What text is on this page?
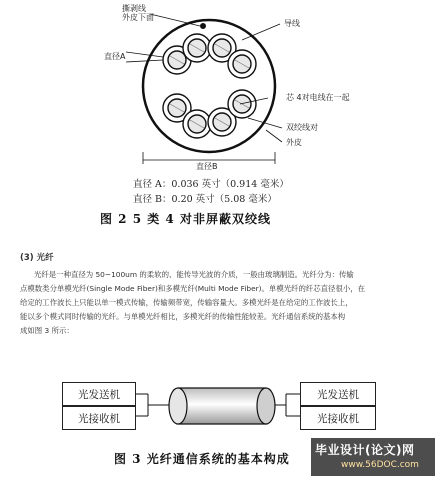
撕剥线
外皮下面
直径A
导线
芯 4对电线在一起
双绞线对
外皮
直径B
直径 A：0.036 英寸（0.914 毫米）
直径 B：0.20 英寸（5.08 毫米）
图 2 5 类 4 对非屏蔽双绞线
(3) 光纤
光纤是一种直径为 50~100um 的柔软的、能传导光波的介质，一般由玻璃制造。光纤分为：传输
点模数类分单模光纤(Single Mode Fiber)和多模光纤(Multi Mode Fiber)。单模光纤的纤芯直径很小，在
给定的工作波长上只能以单一模式传输，传输频带宽，传输容量大。多模光纤是在给定的工作波长上，
能以多个模式同时传输的光纤。与单模光纤相比，多模光纤的传输性能较差。光纤通信系统的基本构
成如图 3 所示：
光发送机
光接收机
光发送机
光接收机
图 3 光纤通信系统的基本构成
毕业设计(论文)网
www.56DOC.com
